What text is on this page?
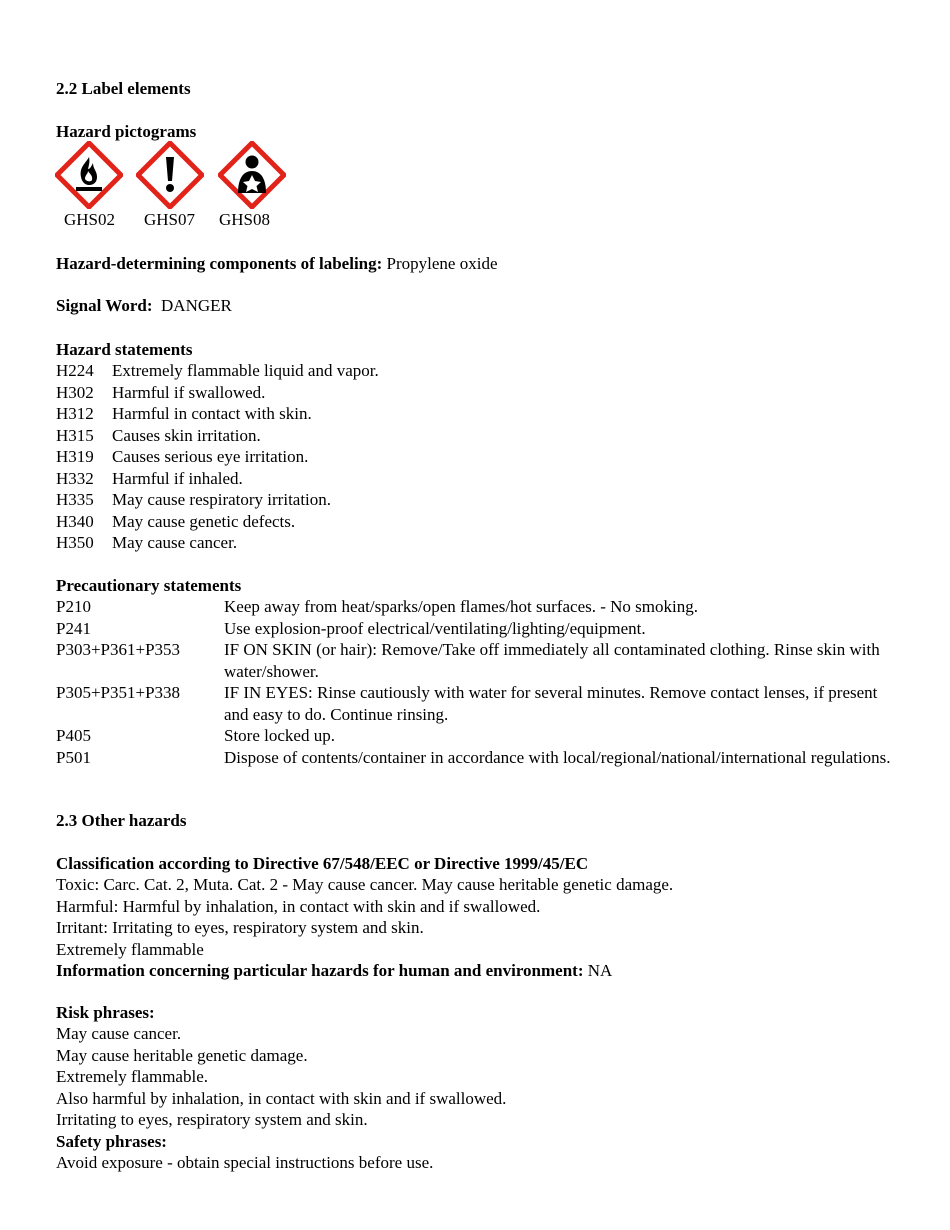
2.2 Label elements
Hazard pictograms
GHS02 GHS07 GHS08
Hazard-determining components of labeling: Propylene oxide
Signal Word: DANGER
Hazard statements
H224	Extremely flammable liquid and vapor.
H302	Harmful if swallowed.
H312	Harmful in contact with skin.
H315	Causes skin irritation.
H319	Causes serious eye irritation.
H332	Harmful if inhaled.
H335	May cause respiratory irritation.
H340	May cause genetic defects.
H350	May cause cancer.
Precautionary statements
P210	Keep away from heat/sparks/open flames/hot surfaces. - No smoking.
P241	Use explosion-proof electrical/ventilating/lighting/equipment.
P303+P361+P353	IF ON SKIN (or hair): Remove/Take off immediately all contaminated clothing. Rinse skin with water/shower.
P305+P351+P338	IF IN EYES: Rinse cautiously with water for several minutes. Remove contact lenses, if present and easy to do. Continue rinsing.
P405	Store locked up.
P501	Dispose of contents/container in accordance with local/regional/national/international regulations.
2.3 Other hazards
Classification according to Directive 67/548/EEC or Directive 1999/45/EC
Toxic: Carc. Cat. 2, Muta. Cat. 2 - May cause cancer. May cause heritable genetic damage.
Harmful: Harmful by inhalation, in contact with skin and if swallowed.
Irritant: Irritating to eyes, respiratory system and skin.
Extremely flammable
Information concerning particular hazards for human and environment: NA
Risk phrases:
May cause cancer.
May cause heritable genetic damage.
Extremely flammable.
Also harmful by inhalation, in contact with skin and if swallowed.
Irritating to eyes, respiratory system and skin.
Safety phrases:
Avoid exposure - obtain special instructions before use.
